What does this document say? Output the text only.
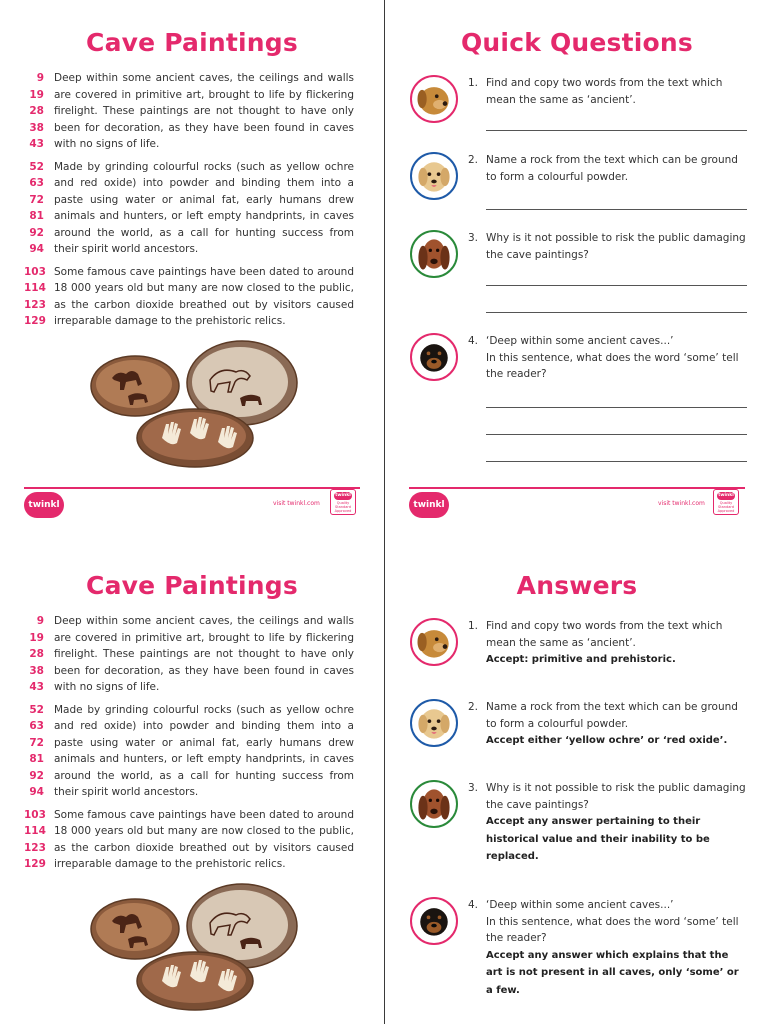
Cave Paintings
9
19
28
38
43
Deep within some ancient caves, the ceilings and walls are covered in primitive art, brought to life by flickering firelight. These paintings are not thought to have only been for decoration, as they have been found in caves with no signs of life.
52
63
72
81
92
94
Made by grinding colourful rocks (such as yellow ochre and red oxide) into powder and binding them into a paste using water or animal fat, early humans drew animals and hunters, or left empty handprints, in caves around the world, as a call for hunting success from their spirit world ancestors.
103
114
123
129
Some famous cave paintings have been dated to around 18 000 years old but many are now closed to the public, as the carbon dioxide breathed out by visitors caused irreparable damage to the prehistoric relics.
twinkl	visit twinkl.com
twinkl
Quality Standard Approved
Quick Questions
1. Find and copy two words from the text which mean the same as ‘ancient’.
2. Name a rock from the text which can be ground to form a colourful powder.
3. Why is it not possible to risk the public damaging the cave paintings?
4. ‘Deep within some ancient caves...’
In this sentence, what does the word ‘some’ tell the reader?
twinkl	visit twinkl.com
twinkl
Quality Standard Approved
Cave Paintings
9
19
28
38
43
Deep within some ancient caves, the ceilings and walls are covered in primitive art, brought to life by flickering firelight. These paintings are not thought to have only been for decoration, as they have been found in caves with no signs of life.
52
63
72
81
92
94
Made by grinding colourful rocks (such as yellow ochre and red oxide) into powder and binding them into a paste using water or animal fat, early humans drew animals and hunters, or left empty handprints, in caves around the world, as a call for hunting success from their spirit world ancestors.
103
114
123
129
Some famous cave paintings have been dated to around 18 000 years old but many are now closed to the public, as the carbon dioxide breathed out by visitors caused irreparable damage to the prehistoric relics.
Answers
1. Find and copy two words from the text which mean the same as ‘ancient’.
Accept: primitive and prehistoric.
2. Name a rock from the text which can be ground to form a colourful powder.
Accept either ‘yellow ochre’ or ‘red oxide’.
3. Why is it not possible to risk the public damaging the cave paintings?
Accept any answer pertaining to their historical value and their inability to be replaced.
4. ‘Deep within some ancient caves...’
In this sentence, what does the word ‘some’ tell the reader?
Accept any answer which explains that the art is not present in all caves, only ‘some’ or a few.
